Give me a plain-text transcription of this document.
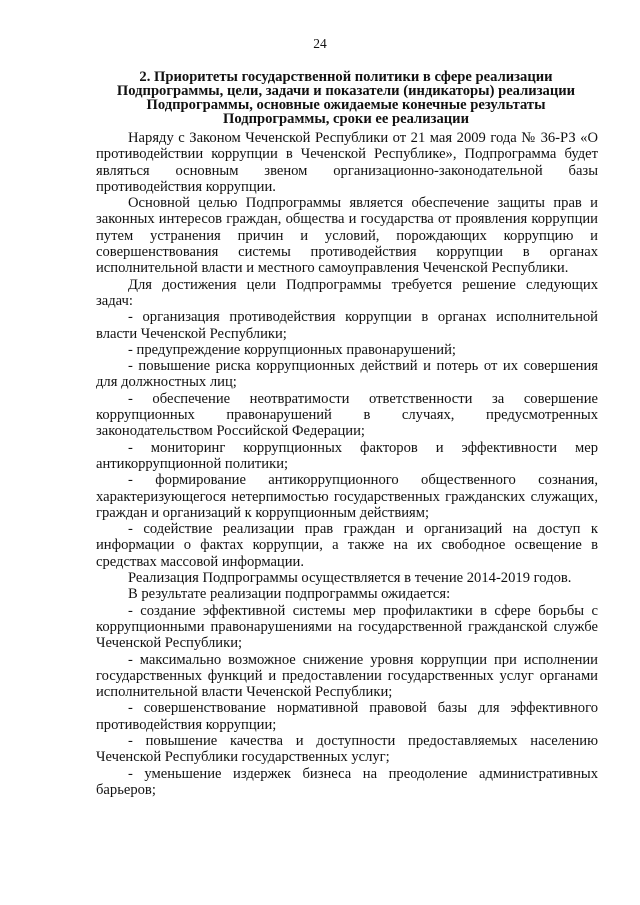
24
2. Приоритеты государственной политики в сфере реализации Подпрограммы, цели, задачи и показатели (индикаторы) реализации Подпрограммы, основные ожидаемые конечные результаты Подпрограммы, сроки ее реализации

Наряду с Законом Чеченской Республики от 21 мая 2009 года № 36-РЗ «О противодействии коррупции в Чеченской Республике», Подпрограмма будет являться основным звеном организационно-законодательной базы противодействия коррупции.

Основной целью Подпрограммы является обеспечение защиты прав и законных интересов граждан, общества и государства от проявления коррупции путем устранения причин и условий, порождающих коррупцию и совершенствования системы противодействия коррупции в органах исполнительной власти и местного самоуправления Чеченской Республики.

Для достижения цели Подпрограммы требуется решение следующих задач:

- организация противодействия коррупции в органах исполнительной власти Чеченской Республики;

- предупреждение коррупционных правонарушений;

- повышение риска коррупционных действий и потерь от их совершения для должностных лиц;

- обеспечение неотвратимости ответственности за совершение коррупционных правонарушений в случаях, предусмотренных законодательством Российской Федерации;

- мониторинг коррупционных факторов и эффективности мер антикоррупционной политики;

- формирование антикоррупционного общественного сознания, характеризующегося нетерпимостью государственных гражданских служащих, граждан и организаций к коррупционным действиям;

- содействие реализации прав граждан и организаций на доступ к информации о фактах коррупции, а также на их свободное освещение в средствах массовой информации.

Реализация Подпрограммы осуществляется в течение 2014-2019 годов.

В результате реализации подпрограммы ожидается:

- создание эффективной системы мер профилактики в сфере борьбы с коррупционными правонарушениями на государственной гражданской службе Чеченской Республики;

- максимально возможное снижение уровня коррупции при исполнении государственных функций и предоставлении государственных услуг органами исполнительной власти Чеченской Республики;

- совершенствование нормативной правовой базы для эффективного противодействия коррупции;

- повышение качества и доступности предоставляемых населению Чеченской Республики государственных услуг;

- уменьшение издержек бизнеса на преодоление административных барьеров;
